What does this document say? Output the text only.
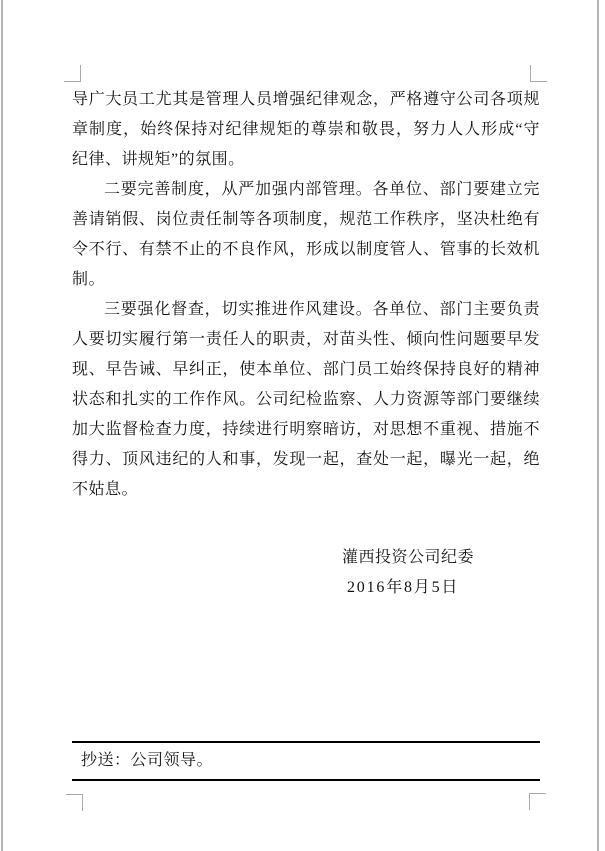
导广大员工尤其是管理人员增强纪律观念，严格遵守公司各项规章制度，始终保持对纪律规矩的尊崇和敬畏，努力人人形成“守纪律、讲规矩”的氛围。

二要完善制度，从严加强内部管理。各单位、部门要建立完善请销假、岗位责任制等各项制度，规范工作秩序，坚决杜绝有令不行、有禁不止的不良作风，形成以制度管人、管事的长效机制。

三要强化督查，切实推进作风建设。各单位、部门主要负责人要切实履行第一责任人的职责，对苗头性、倾向性问题要早发现、早告诫、早纠正，使本单位、部门员工始终保持良好的精神状态和扎实的工作作风。公司纪检监察、人力资源等部门要继续加大监督检查力度，持续进行明察暗访，对思想不重视、措施不得力、顶风违纪的人和事，发现一起，查处一起，曝光一起，绝不姑息。

灌西投资公司纪委
2016年8月5日
抄送：公司领导。
